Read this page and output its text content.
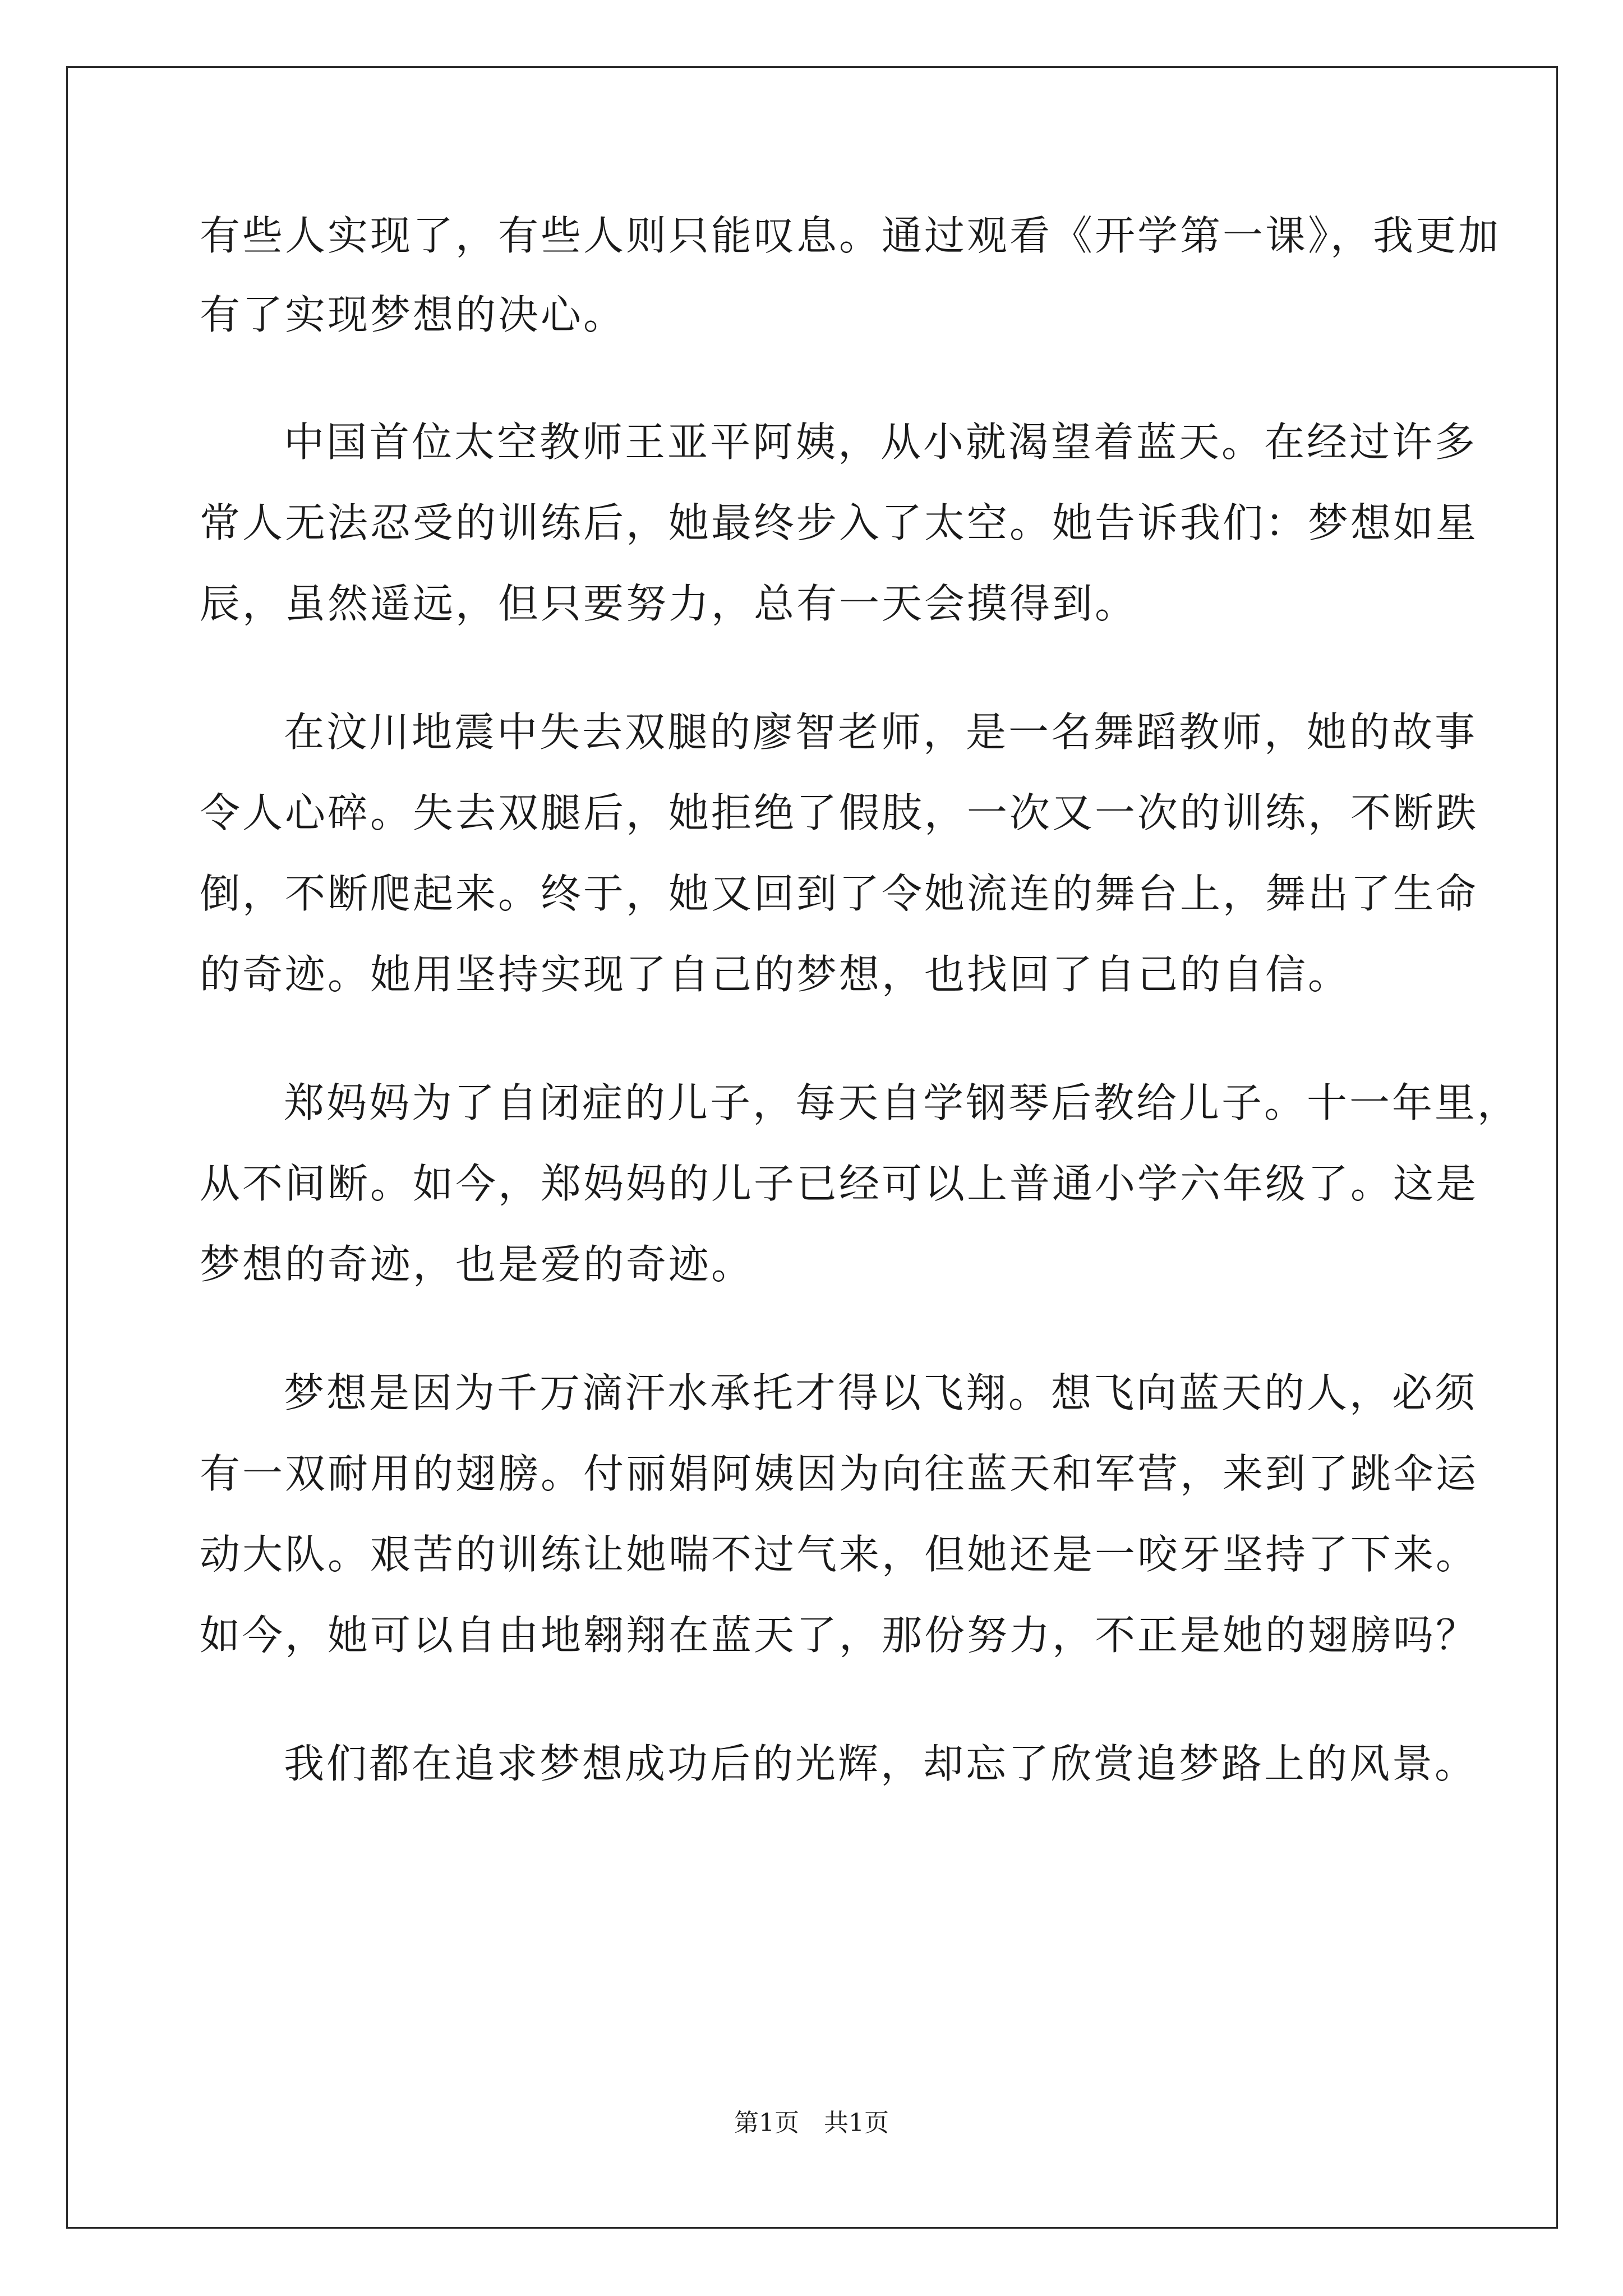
有些人实现了，有些人则只能叹息。通过观看《开学第一课》，我更加
有了实现梦想的决心。
中国首位太空教师王亚平阿姨，从小就渴望着蓝天。在经过许多
常人无法忍受的训练后，她最终步入了太空。她告诉我们：梦想如星
辰，虽然遥远，但只要努力，总有一天会摸得到。
在汶川地震中失去双腿的廖智老师，是一名舞蹈教师，她的故事
令人心碎。失去双腿后，她拒绝了假肢，一次又一次的训练，不断跌
倒，不断爬起来。终于，她又回到了令她流连的舞台上，舞出了生命
的奇迹。她用坚持实现了自己的梦想，也找回了自己的自信。
郑妈妈为了自闭症的儿子，每天自学钢琴后教给儿子。十一年里，
从不间断。如今，郑妈妈的儿子已经可以上普通小学六年级了。这是
梦想的奇迹，也是爱的奇迹。
梦想是因为千万滴汗水承托才得以飞翔。想飞向蓝天的人，必须
有一双耐用的翅膀。付丽娟阿姨因为向往蓝天和军营，来到了跳伞运
动大队。艰苦的训练让她喘不过气来，但她还是一咬牙坚持了下来。
如今，她可以自由地翱翔在蓝天了，那份努力，不正是她的翅膀吗？
我们都在追求梦想成功后的光辉，却忘了欣赏追梦路上的风景。
第1页　共1页
